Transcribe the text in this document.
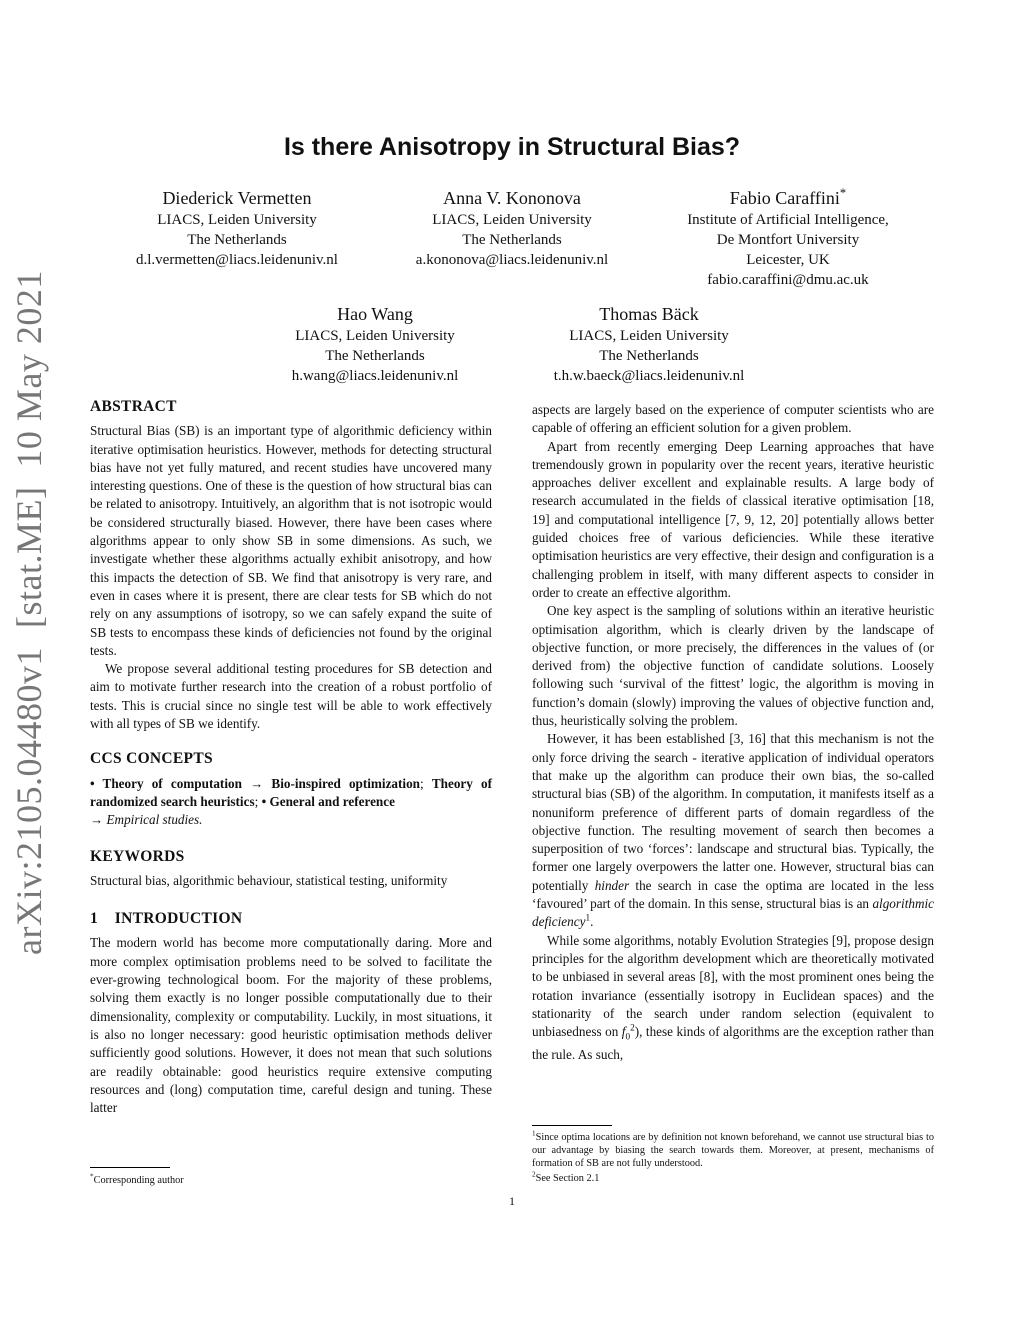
arXiv:2105.04480v1  [stat.ME]  10 May 2021
Is there Anisotropy in Structural Bias?
Diederick Vermetten
LIACS, Leiden University
The Netherlands
d.l.vermetten@liacs.leidenuniv.nl
Anna V. Kononova
LIACS, Leiden University
The Netherlands
a.kononova@liacs.leidenuniv.nl
Fabio Caraffini*
Institute of Artificial Intelligence,
De Montfort University
Leicester, UK
fabio.caraffini@dmu.ac.uk
Hao Wang
LIACS, Leiden University
The Netherlands
h.wang@liacs.leidenuniv.nl
Thomas Bäck
LIACS, Leiden University
The Netherlands
t.h.w.baeck@liacs.leidenuniv.nl
ABSTRACT

Structural Bias (SB) is an important type of algorithmic deficiency within iterative optimisation heuristics. However, methods for detecting structural bias have not yet fully matured, and recent studies have uncovered many interesting questions. One of these is the question of how structural bias can be related to anisotropy. Intuitively, an algorithm that is not isotropic would be considered structurally biased. However, there have been cases where algorithms appear to only show SB in some dimensions. As such, we investigate whether these algorithms actually exhibit anisotropy, and how this impacts the detection of SB. We find that anisotropy is very rare, and even in cases where it is present, there are clear tests for SB which do not rely on any assumptions of isotropy, so we can safely expand the suite of SB tests to encompass these kinds of deficiencies not found by the original tests.

We propose several additional testing procedures for SB detection and aim to motivate further research into the creation of a robust portfolio of tests. This is crucial since no single test will be able to work effectively with all types of SB we identify.

CCS CONCEPTS

• Theory of computation → Bio-inspired optimization; Theory of randomized search heuristics; • General and reference
→ Empirical studies.

KEYWORDS

Structural bias, algorithmic behaviour, statistical testing, uniformity

1    INTRODUCTION

The modern world has become more computationally daring. More and more complex optimisation problems need to be solved to facilitate the ever-growing technological boom. For the majority of these problems, solving them exactly is no longer possible computationally due to their dimensionality, complexity or computability. Luckily, in most situations, it is also no longer necessary: good heuristic optimisation methods deliver sufficiently good solutions. However, it does not mean that such solutions are readily obtainable: good heuristics require extensive computing resources and (long) computation time, careful design and tuning. These latter

*Corresponding author

aspects are largely based on the experience of computer scientists who are capable of offering an efficient solution for a given problem.

Apart from recently emerging Deep Learning approaches that have tremendously grown in popularity over the recent years, iterative heuristic approaches deliver excellent and explainable results. A large body of research accumulated in the fields of classical iterative optimisation [18, 19] and computational intelligence [7, 9, 12, 20] potentially allows better guided choices free of various deficiencies. While these iterative optimisation heuristics are very effective, their design and configuration is a challenging problem in itself, with many different aspects to consider in order to create an effective algorithm.

One key aspect is the sampling of solutions within an iterative heuristic optimisation algorithm, which is clearly driven by the landscape of objective function, or more precisely, the differences in the values of (or derived from) the objective function of candidate solutions. Loosely following such ‘survival of the fittest’ logic, the algorithm is moving in function’s domain (slowly) improving the values of objective function and, thus, heuristically solving the problem.

However, it has been established [3, 16] that this mechanism is not the only force driving the search - iterative application of individual operators that make up the algorithm can produce their own bias, the so-called structural bias (SB) of the algorithm. In computation, it manifests itself as a nonuniform preference of different parts of domain regardless of the objective function. The resulting movement of search then becomes a superposition of two ‘forces’: landscape and structural bias. Typically, the former one largely overpowers the latter one. However, structural bias can potentially hinder the search in case the optima are located in the less ‘favoured’ part of the domain. In this sense, structural bias is an algorithmic deficiency$^1$.

While some algorithms, notably Evolution Strategies [9], propose design principles for the algorithm development which are theoretically motivated to be unbiased in several areas [8], with the most prominent ones being the rotation invariance (essentially isotropy in Euclidean spaces) and the stationarity of the search under random selection (equivalent to unbiasedness on $f_0^2$), these kinds of algorithms are the exception rather than the rule. As such,

$^1$Since optima locations are by definition not known beforehand, we cannot use structural bias to our advantage by biasing the search towards them. Moreover, at present, mechanisms of formation of SB are not fully understood.
$^2$See Section 2.1
1
